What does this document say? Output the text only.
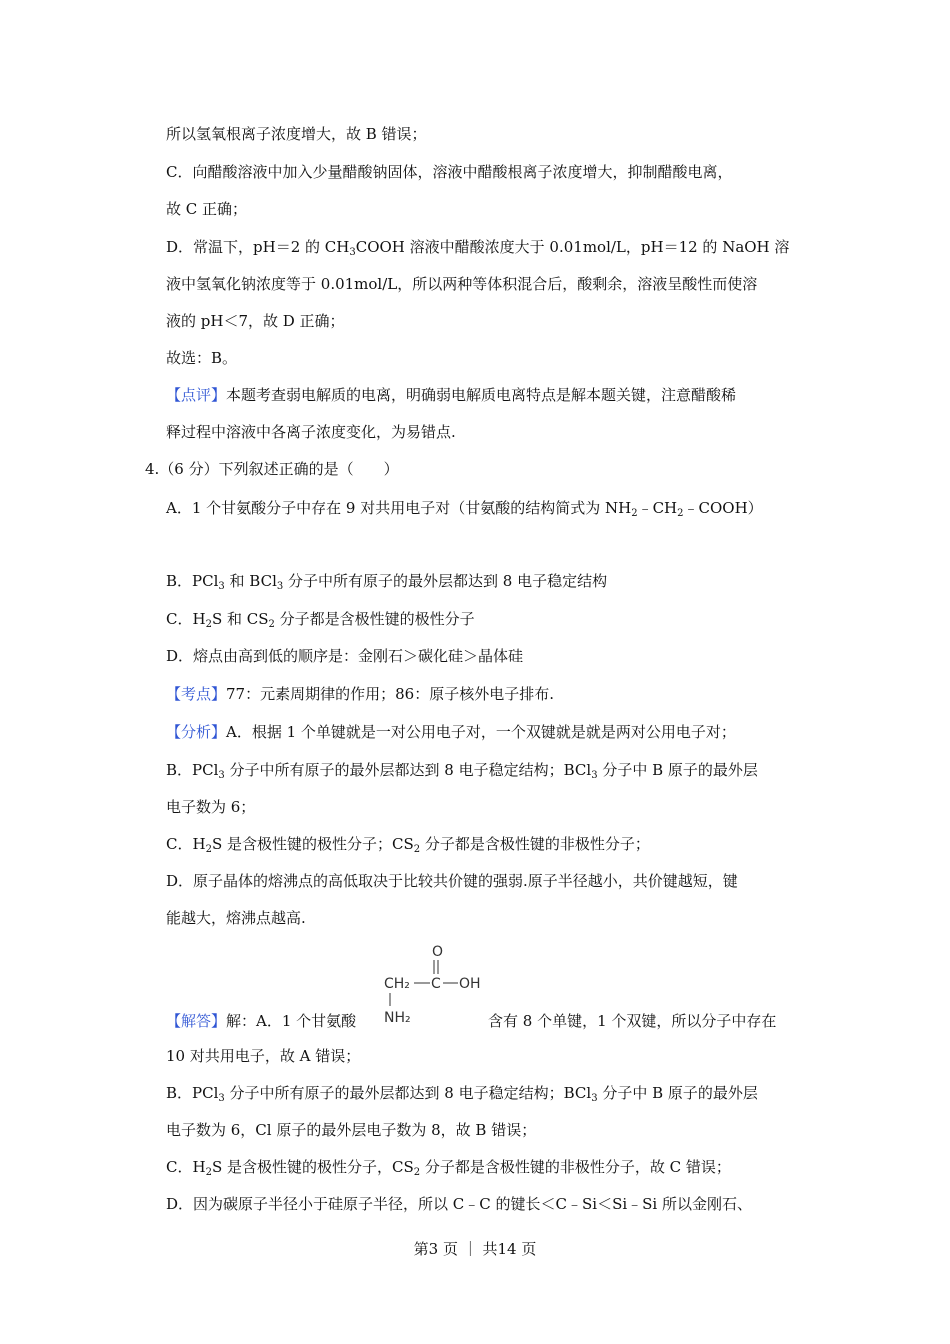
所以氢氧根离子浓度增大，故 B 错误；
C．向醋酸溶液中加入少量醋酸钠固体，溶液中醋酸根离子浓度增大，抑制醋酸电离，
故 C 正确；
D．常温下，pH＝2 的 $CH_3COOH$ 溶液中醋酸浓度大于 0.01mol/L，pH＝12 的 NaOH 溶
液中氢氧化钠浓度等于 0.01mol/L，所以两种等体积混合后，酸剩余，溶液呈酸性而使溶
液的 pH＜7，故 D 正确；
故选：B。
【点评】本题考查弱电解质的电离，明确弱电解质电离特点是解本题关键，注意醋酸稀
释过程中溶液中各离子浓度变化，为易错点.
4.（6 分）下列叙述正确的是（　　）
A．1 个甘氨酸分子中存在 9 对共用电子对（甘氨酸的结构简式为 $NH_2﹣CH_2﹣COOH$）
B．PCl$_3$ 和 BCl$_3$ 分子中所有原子的最外层都达到 8 电子稳定结构
C．$H_2S$ 和 $CS_2$ 分子都是含极性键的极性分子
D．熔点由高到低的顺序是：金刚石＞碳化硅＞晶体硅
【考点】77：元素周期律的作用；86：原子核外电子排布.
【分析】A．根据 1 个单键就是一对公用电子对，一个双键就是就是两对公用电子对；
B．PCl$_3$ 分子中所有原子的最外层都达到 8 电子稳定结构；BCl$_3$ 分子中 B 原子的最外层
电子数为 6；
C．$H_2S$ 是含极性键的极性分子；$CS_2$ 分子都是含极性键的非极性分子；
D．原子晶体的熔沸点的高低取决于比较共价键的强弱.原子半径越小，共价键越短，键
能越大，熔沸点越高.
O
CH₂ C OH
NH₂
【解答】解：A．1 个甘氨酸	含有 8 个单键，1 个双键，所以分子中存在
10 对共用电子，故 A 错误；
B．PCl$_3$ 分子中所有原子的最外层都达到 8 电子稳定结构；BCl$_3$ 分子中 B 原子的最外层
电子数为 6，Cl 原子的最外层电子数为 8，故 B 错误；
C．$H_2S$ 是含极性键的极性分子，$CS_2$ 分子都是含极性键的非极性分子，故 C 错误；
D．因为碳原子半径小于硅原子半径，所以 C﹣C 的键长＜C﹣Si＜Si﹣Si 所以金刚石、
第3 页 ｜ 共14 页
